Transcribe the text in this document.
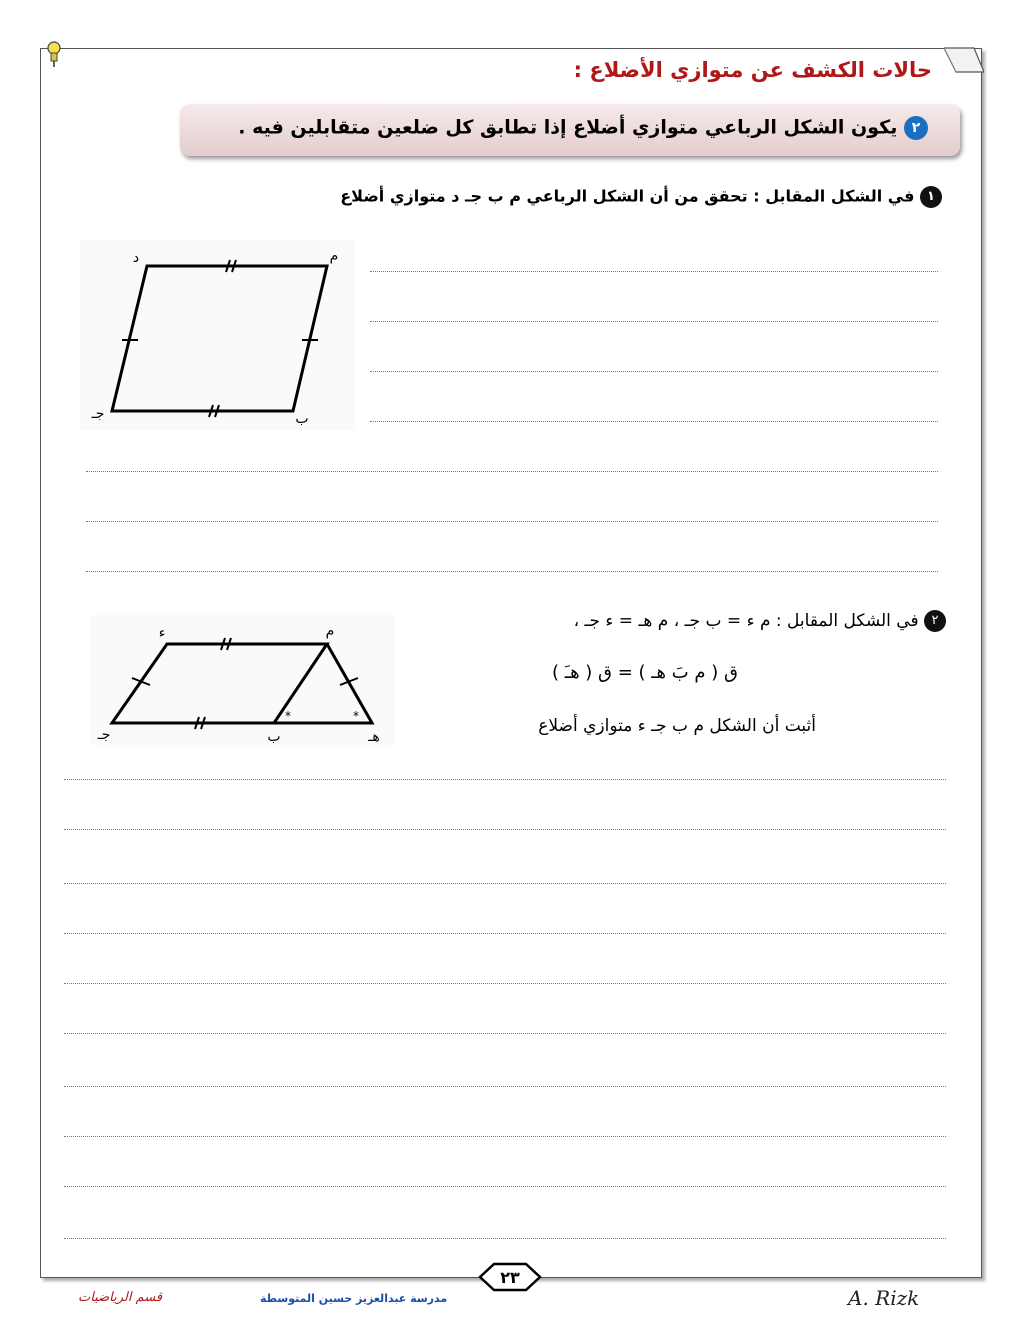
حالات الكشف عن متوازي الأضلاع :
٢ يكون الشكل الرباعي متوازي أضلاع إذا تطابق كل ضلعين متقابلين فيه .
١ في الشكل المقابل : تحقق من أن الشكل الرباعي م ب جـ د متوازي أضلاع
د	م
جـ	ب
٢ في الشكل المقابل : م ء = ب جـ ، م هـ = ء جـ ،
ق ( م بَ هـ ) = ق ( هـَ )
أثبت أن الشكل م ب جـ ء متوازي أضلاع
*	*
ء	م
جـ	ب	هـ
٢٣
قسم الرياضيات	مدرسة عبدالعزيز حسين المتوسطة	A. Rizk
